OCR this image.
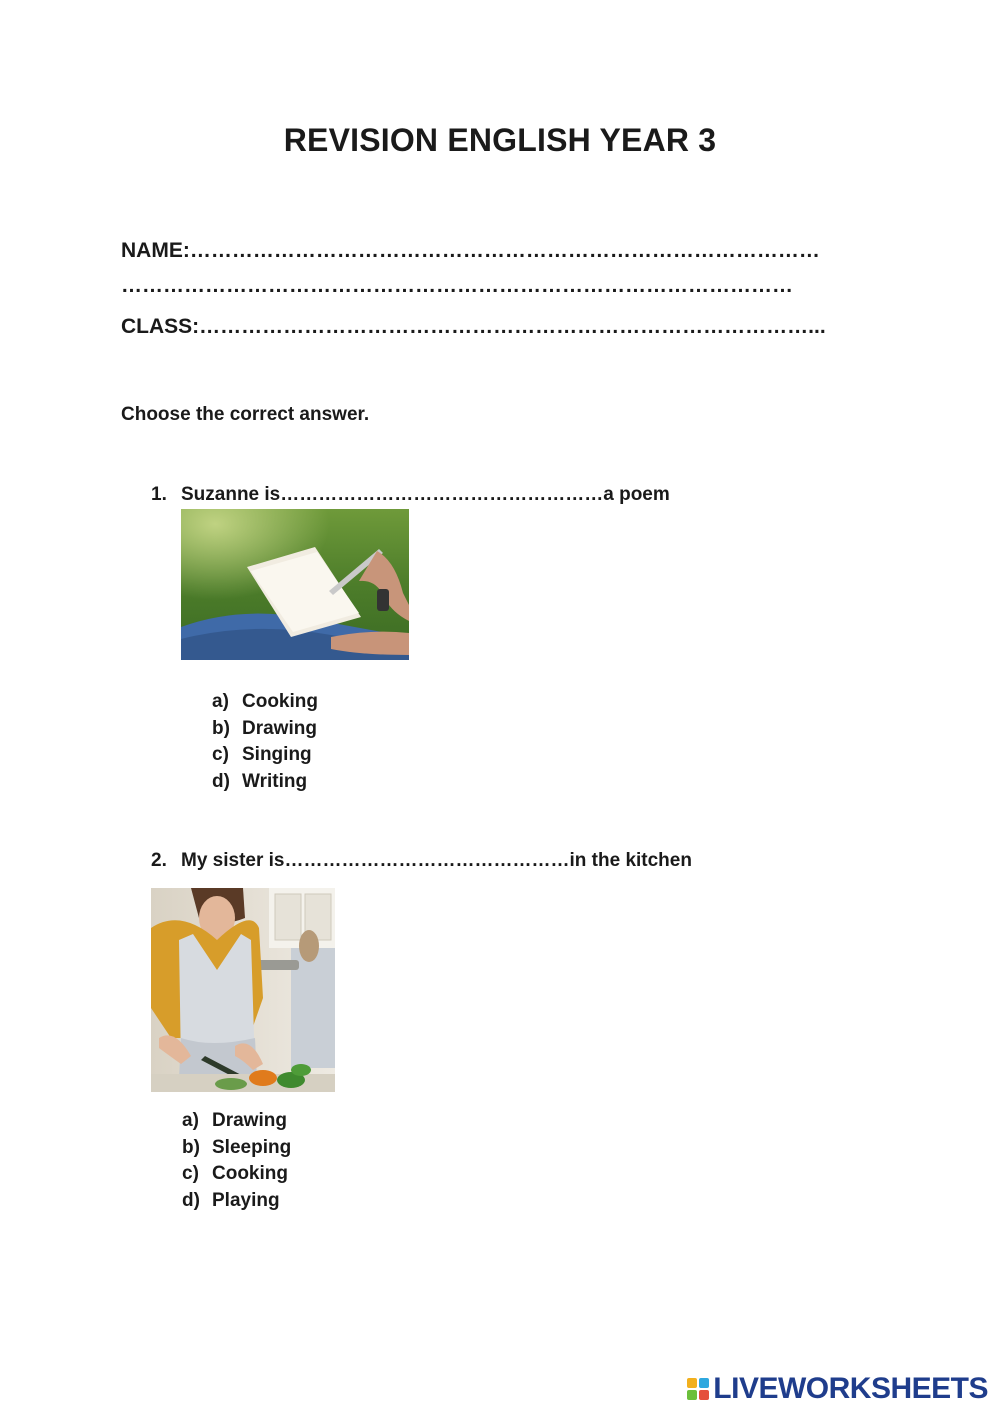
REVISION ENGLISH YEAR 3
NAME:………………………………………………………………………………
……………………………………………………………………………………
CLASS:……………………………………………………………………………...
Choose the correct answer.
1. Suzanne is……………………………………………a poem
a) Cooking
b) Drawing
c) Singing
d) Writing
2. My sister is………………………………………in the kitchen
a) Drawing
b) Sleeping
c) Cooking
d) Playing
LIVEWORKSHEETS
